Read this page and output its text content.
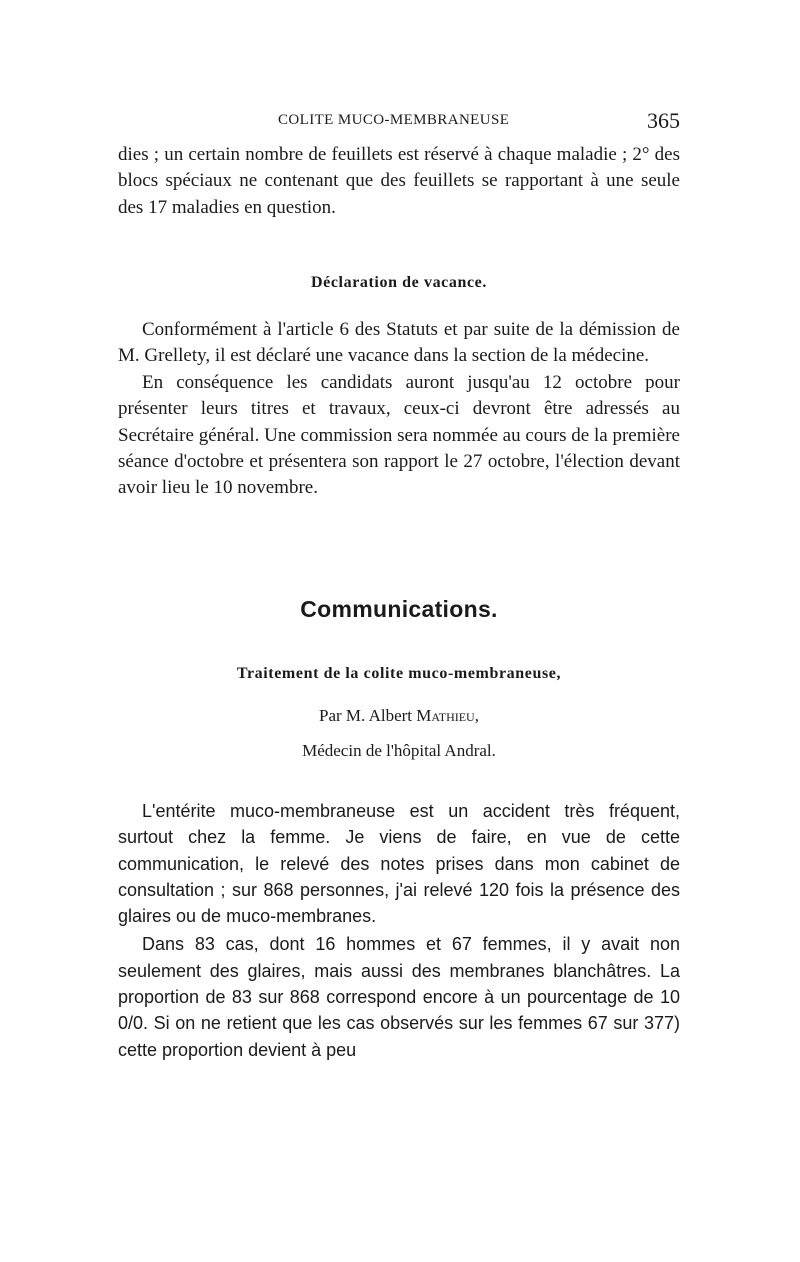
COLITE MUCO-MEMBRANEUSE	365

dies ; un certain nombre de feuillets est réservé à chaque maladie ; 2° des blocs spéciaux ne contenant que des feuillets se rapportant à une seule des 17 maladies en question.

Déclaration de vacance.

Conformément à l'article 6 des Statuts et par suite de la démission de M. Grellety, il est déclaré une vacance dans la section de la médecine.

En conséquence les candidats auront jusqu'au 12 octobre pour présenter leurs titres et travaux, ceux-ci devront être adressés au Secrétaire général. Une commission sera nommée au cours de la première séance d'octobre et présentera son rapport le 27 octobre, l'élection devant avoir lieu le 10 novembre.

Communications.
Traitement de la colite muco-membraneuse,
Par M. Albert Mathieu,
Médecin de l'hôpital Andral.

L'entérite muco-membraneuse est un accident très fréquent, surtout chez la femme. Je viens de faire, en vue de cette communication, le relevé des notes prises dans mon cabinet de consultation ; sur 868 personnes, j'ai relevé 120 fois la présence des glaires ou de muco-membranes.

Dans 83 cas, dont 16 hommes et 67 femmes, il y avait non seulement des glaires, mais aussi des membranes blanchâtres. La proportion de 83 sur 868 correspond encore à un pourcentage de 10 0/0. Si on ne retient que les cas observés sur les femmes 67 sur 377) cette proportion devient à peu
